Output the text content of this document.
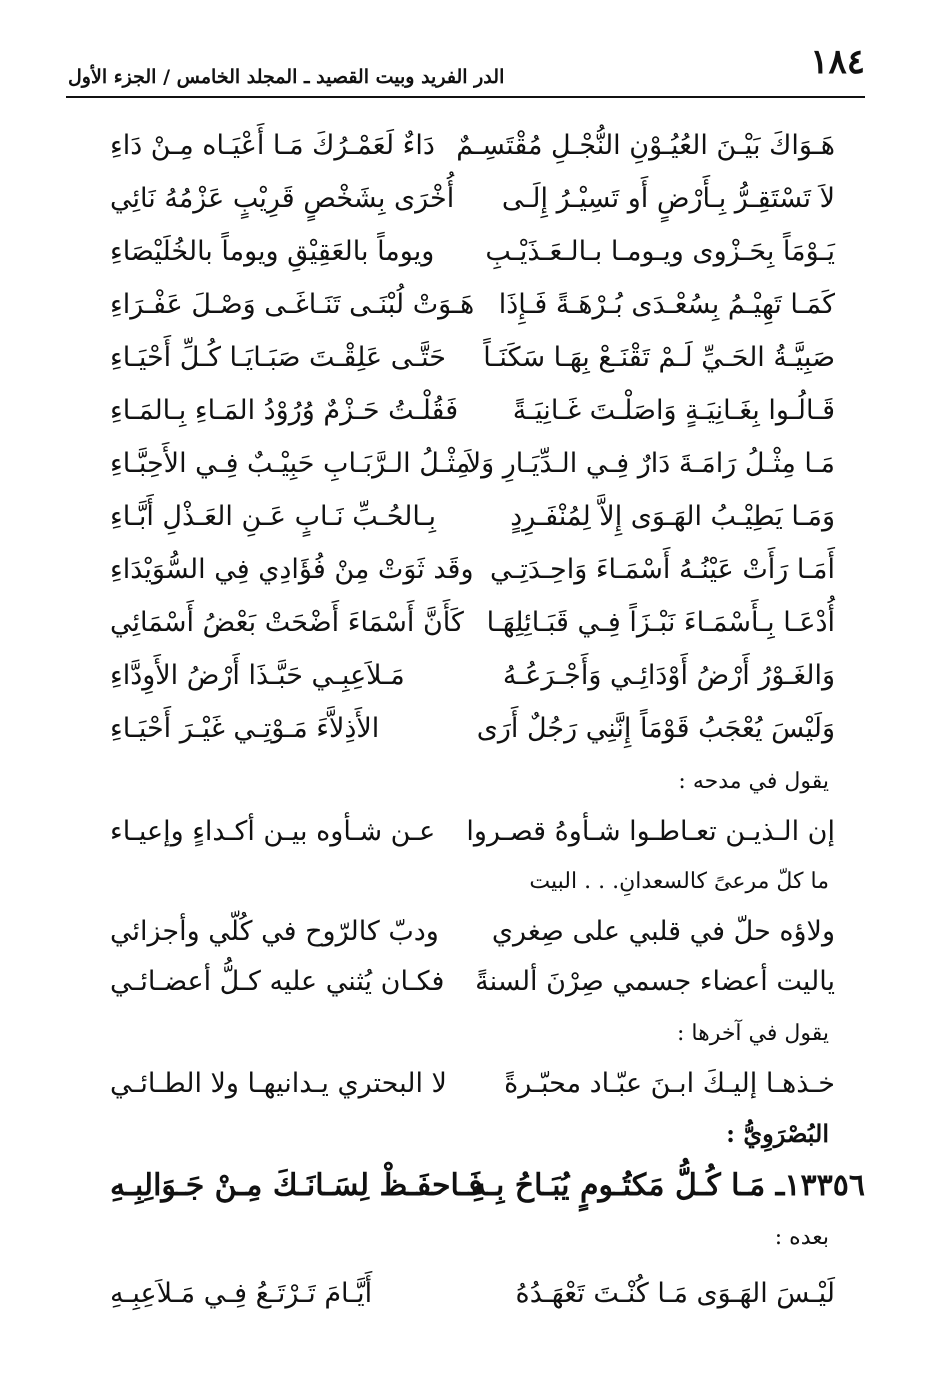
١٨٤
الدر الفريد وبيت القصيد ـ المجلد الخامس / الجزء الأول
هَـوَاكَ بَيْـنَ العُيُـوْنِ النُّجْـلِ مُقْتَسِـمٌ
دَاءٌ لَعَمْـرُكَ مَـا أَعْيَـاه مِـنْ دَاءِ
لاَ تَسْتَقِـرُّ بِـأَرْضٍ أَو تَسِيْـرُ إِلَـى
أُخْرَى بِشَخْصٍ قَرِيْبٍ عَزْمُهُ نَائِي
يَـوْمَاً بِحَـزْوى ويـومـا بـالـعَـذَيْـبِ
ويوماً بالعَقِيْقِ ويوماً بالخُلَيْصَاءِ
كَمَـا تَهِيْـمُ بِسُعْـدَى بُـرْهَـةً فَـإِذَا
هَـوَتْ لُبْنَـى تَنَـاغَـى وَصْـلَ عَفْـرَاءِ
صَبِيَّـةُ الحَـيِّ لَـمْ تَقْنَـعْ بِهَـا سَكَنَـاً
حَتَّـى عَلِقْـتَ صَبَـايَـا كُـلِّ أَحْيَـاءِ
قَـالُـوا بِغَـانِيَـةٍ وَاصَلْـتَ غَـانِيَـةً
فَقُلْـتُ حَـزْمٌ وُرُوْدُ المَـاءِ بِـالمَـاءِ
مَـا مِثْـلُ رَامَـةَ دَارٌ فِـي الـدِّيَـارِ وَلاَ
مِثْـلُ الـرَّبَـابِ حَبِيْـبٌ فِـي الأَحِبَّـاءِ
وَمَـا يَطِيْـبُ الهَـوَى إِلاَّ لِمُنْفَـرِدٍ
بِـالحُـبِّ نَـابٍ عَـنِ العَـذْلِ أَبَّـاءِ
أَمَـا رَأَتْ عَيْنُـهُ أَسْمَـاءَ وَاحِـدَتِـي
وقَد ثَوَتْ مِنْ فُؤَادِي فِي السُّوَيْدَاءِ
أُدْعَـا بِـأَسْمَـاءَ نَبْـزَاً فِـي قَبَـائِلِهَـا
كَأَنَّ أَسْمَاءَ أَضْحَتْ بَعْضُ أَسْمَائِي
وَالغَـوْرُ أَرْضُ أَوْدَائِـي وَأَجْـرَعُـهُ
مَـلاَعِبِـي حَبَّـذَا أَرْضُ الأَوِدَّاءِ
وَلَيْسَ يُعْجَبُ قَوْمَاً إِنَّنِي رَجُلٌ أَرَى
الأَذِلاَّءَ مَـوْتِـي غَيْـرَ أَحْيَـاءِ
يقول في مدحه :
إن الـذيـن تعـاطـوا شـأوهُ قصـروا
عـن شـأوه بيـن أكـداءٍ وإعيـاء
ما كلّ مرعىً كالسعدانِ. . . البيت
ولاؤه حلّ في قلبي على صِغري
ودبّ كالرّوح في كُلّي وأجزائي
ياليت أعضاء جسمي صِرْنَ ألسنةً
فكـان يُثني عليه كـلُّ أعضـائـي
يقول في آخرها :
خـذهـا إليـكَ ابـنَ عبّـاد محبّـرةً
لا البحتري يـدانيهـا ولا الطـائـي
البُصْرَوِيُّ :
١٣٣٥٦ـ مَـا كُـلُّ مَكتُـومٍ يُبَـاحُ بِـهِ
فَـاحفَـظْ لِسَـانَـكَ مِـنْ جَـوَالِبِـهِ
بعده :
لَيْـسَ الهَـوَى مَـا كُنْـتَ تَعْهَـدُهُ
أَيَّـامَ تَـرْتَـعُ فِـي مَـلاَعِبِـهِ
